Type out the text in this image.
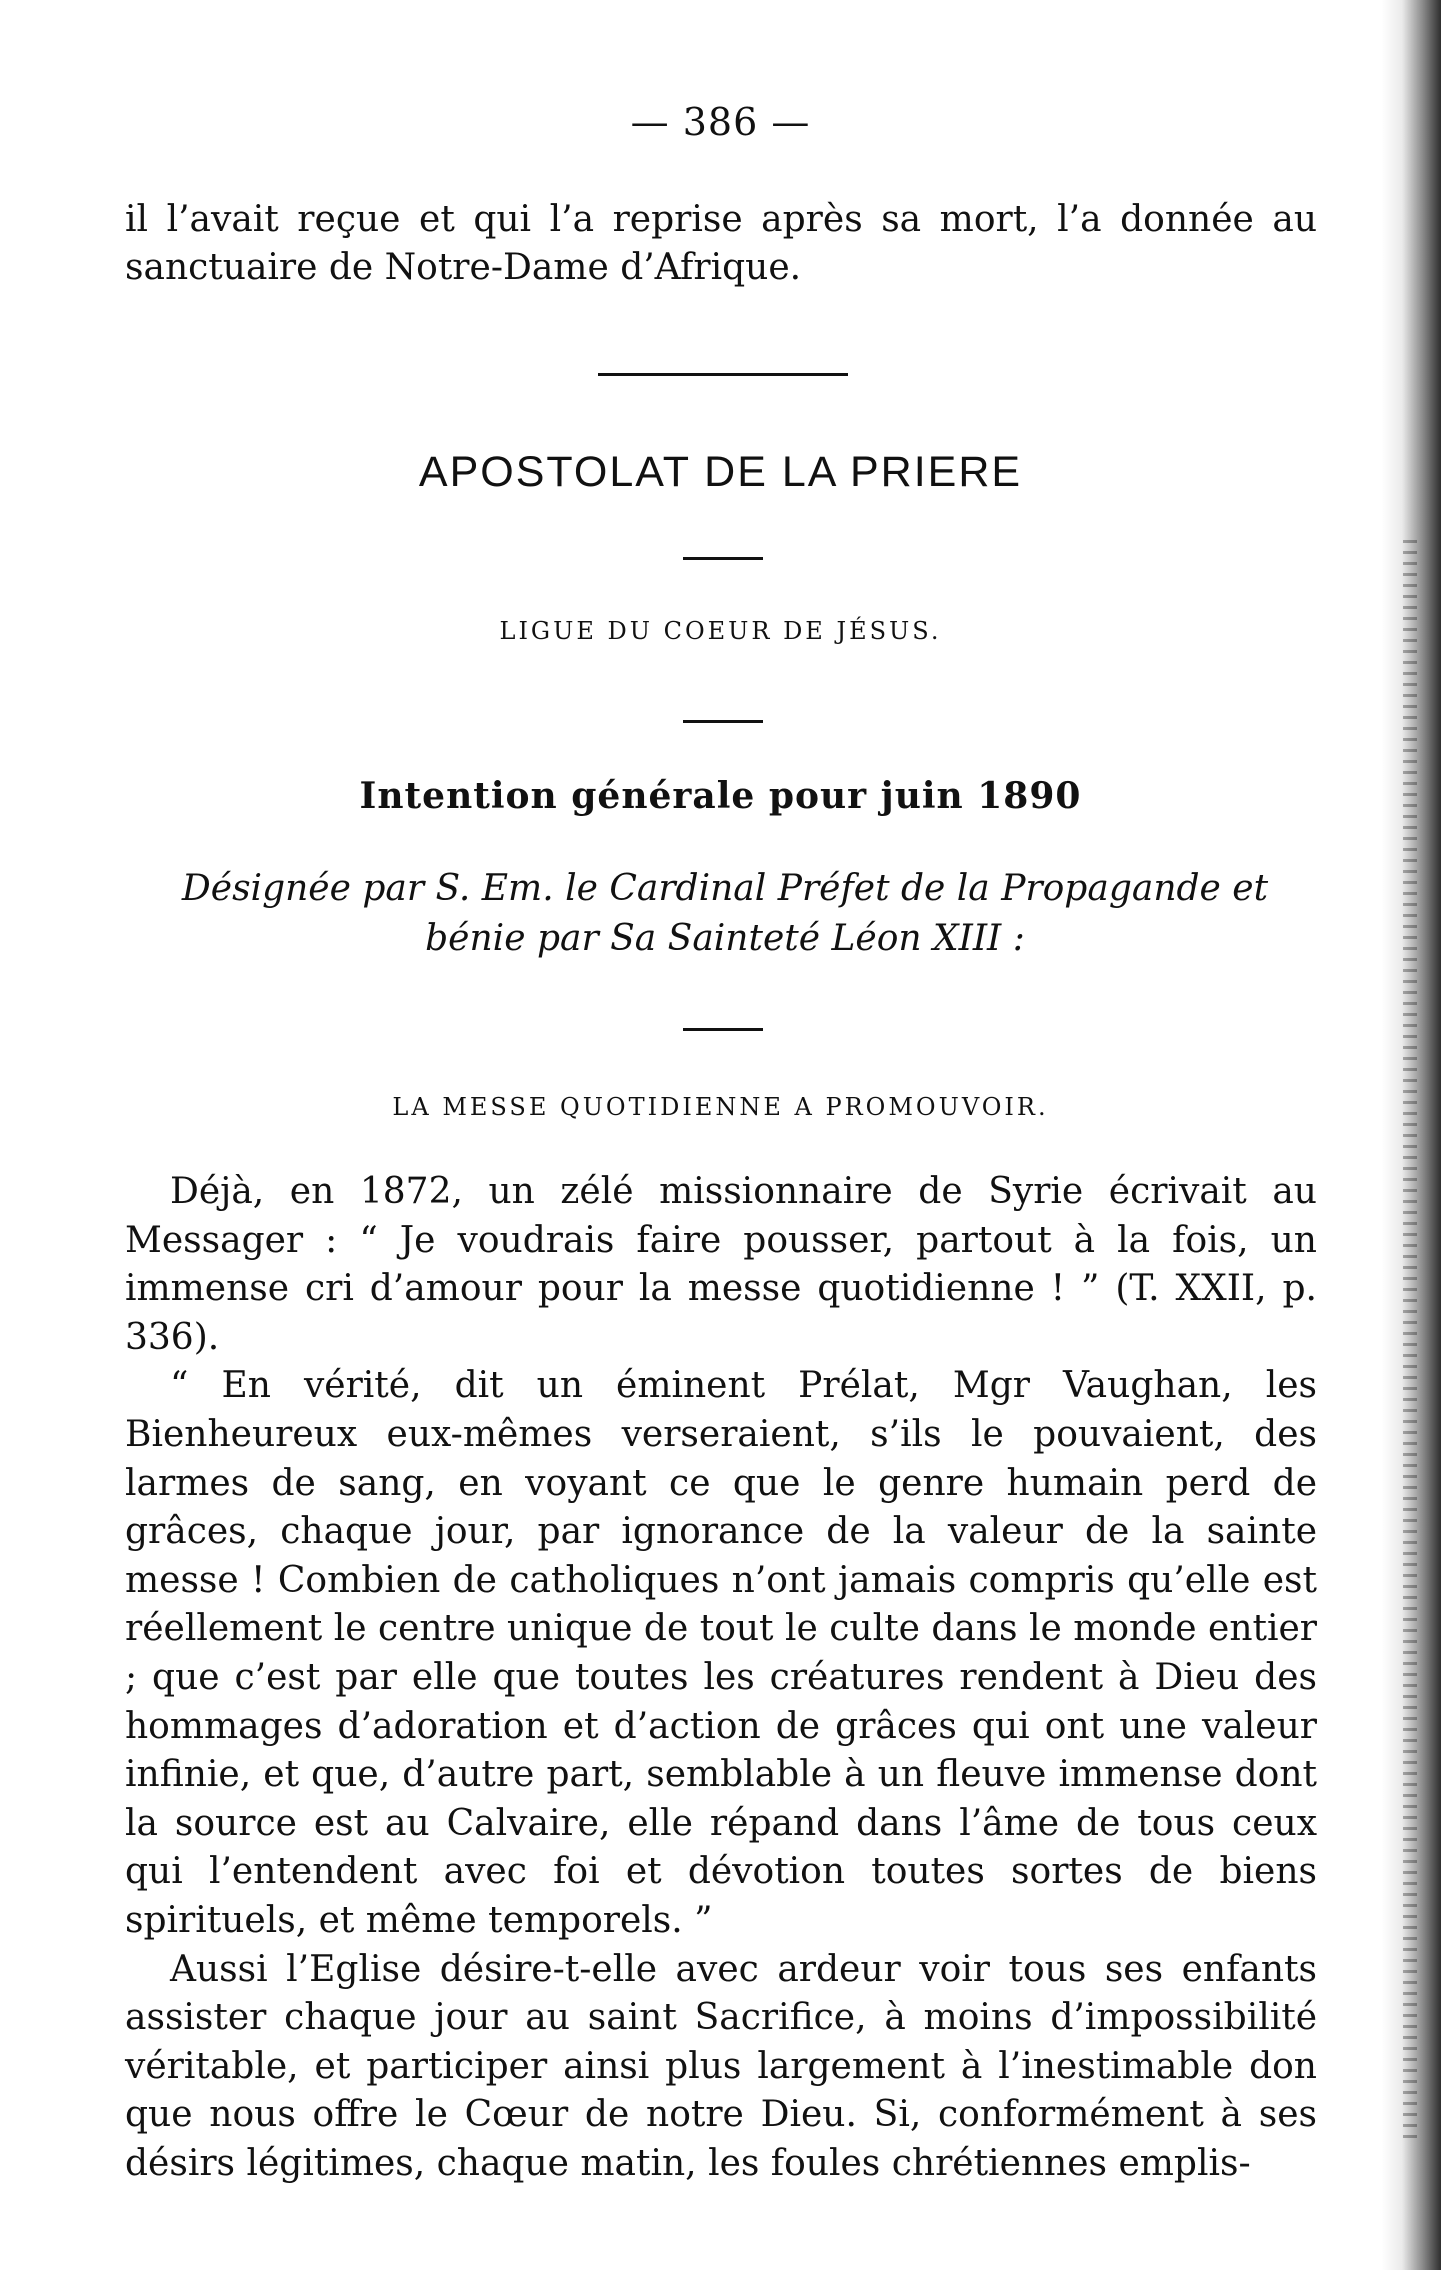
— 386 —
il l’avait reçue et qui l’a reprise après sa mort, l’a donnée au sanctuaire de Notre-Dame d’Afrique.
APOSTOLAT DE LA PRIERE
LIGUE DU COEUR DE JÉSUS.
Intention générale pour juin 1890
Désignée par S. Em. le Cardinal Préfet de la Propagande et bénie par Sa Sainteté Léon XIII :
LA MESSE QUOTIDIENNE A PROMOUVOIR.

Déjà, en 1872, un zélé missionnaire de Syrie écrivait au Messager : “ Je voudrais faire pousser, partout à la fois, un immense cri d’amour pour la messe quotidienne ! ” (T. XXII, p. 336).

“ En vérité, dit un éminent Prélat, Mgr Vaughan, les Bienheureux eux-mêmes verseraient, s’ils le pouvaient, des larmes de sang, en voyant ce que le genre humain perd de grâces, chaque jour, par ignorance de la valeur de la sainte messe ! Combien de catholiques n’ont jamais compris qu’elle est réellement le centre unique de tout le culte dans le monde entier ; que c’est par elle que toutes les créatures rendent à Dieu des hommages d’adoration et d’action de grâces qui ont une valeur infinie, et que, d’autre part, semblable à un fleuve immense dont la source est au Calvaire, elle répand dans l’âme de tous ceux qui l’entendent avec foi et dévotion toutes sortes de biens spirituels, et même temporels. ”

Aussi l’Eglise désire-t-elle avec ardeur voir tous ses enfants assister chaque jour au saint Sacrifice, à moins d’impossibilité véritable, et participer ainsi plus largement à l’inestimable don que nous offre le Cœur de notre Dieu. Si, conformément à ses désirs légitimes, chaque matin, les foules chrétiennes emplis-
